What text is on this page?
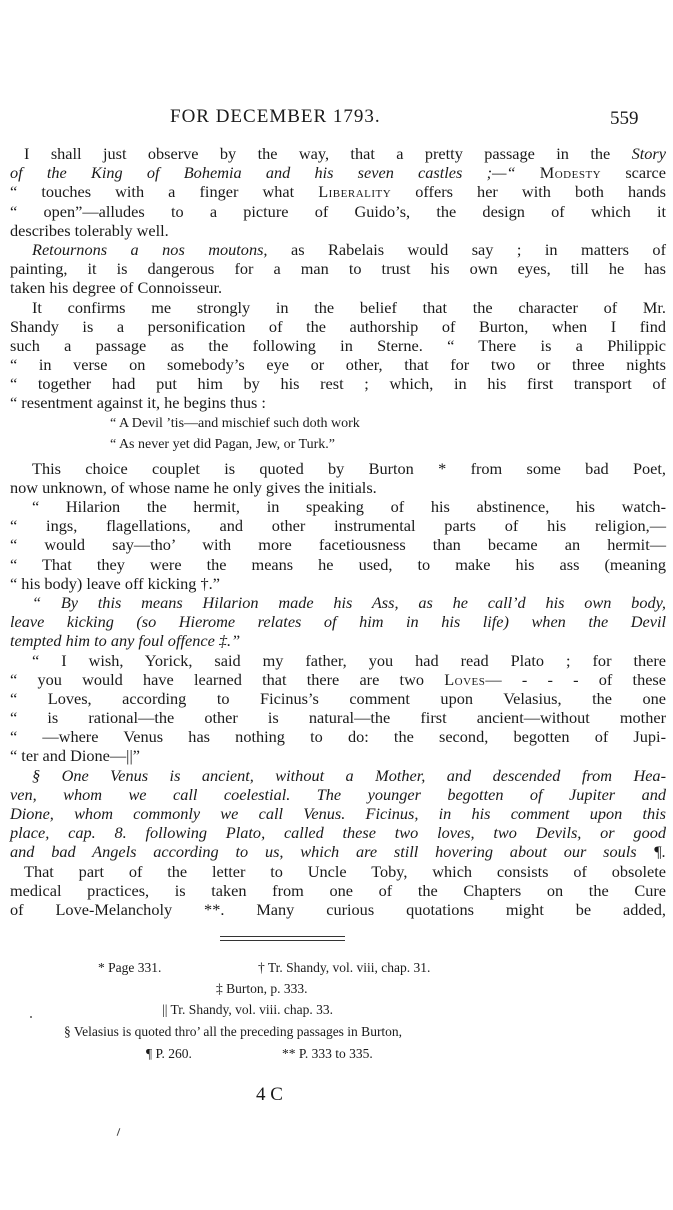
FOR DECEMBER 1793.	559
I shall just observe by the way, that a pretty passage in the Story
of the King of Bohemia and his seven castles ;—“ Modesty scarce
“ touches with a finger what Liberality offers her with both hands
“ open”—alludes to a picture of Guido’s, the design of which it
describes tolerably well.
Retournons a nos moutons, as Rabelais would say ; in matters of
painting, it is dangerous for a man to trust his own eyes, till he has
taken his degree of Connoisseur.
It confirms me strongly in the belief that the character of Mr.
Shandy is a personification of the authorship of Burton, when I find
such a passage as the following in Sterne. “ There is a Philippic
“ in verse on somebody’s eye or other, that for two or three nights
“ together had put him by his rest ; which, in his first transport of
“ resentment against it, he begins thus :
“ A Devil ’tis—and mischief such doth work
“ As never yet did Pagan, Jew, or Turk.”
This choice couplet is quoted by Burton * from some bad Poet,
now unknown, of whose name he only gives the initials.
“ Hilarion the hermit, in speaking of his abstinence, his watch-
“ ings, flagellations, and other instrumental parts of his religion,—
“ would say—tho’ with more facetiousness than became an hermit—
“ That they were the means he used, to make his ass (meaning
“ his body) leave off kicking †.”
“ By this means Hilarion made his Ass, as he call’d his own body,
leave kicking (so Hierome relates of him in his life) when the Devil
tempted him to any foul offence ‡.”
“ I wish, Yorick, said my father, you had read Plato ; for there
“ you would have learned that there are two Loves— - - - of these
“ Loves, according to Ficinus’s comment upon Velasius, the one
“ is rational—the other is natural—the first ancient—without mother
“ —where Venus has nothing to do: the second, begotten of Jupi-
“ ter and Dione—||”
§ One Venus is ancient, without a Mother, and descended from Hea-
ven, whom we call coelestial. The younger begotten of Jupiter and
Dione, whom commonly we call Venus. Ficinus, in his comment upon this
place, cap. 8. following Plato, called these two loves, two Devils, or good
and bad Angels according to us, which are still hovering about our souls ¶.
That part of the letter to Uncle Toby, which consists of obsolete
medical practices, is taken from one of the Chapters on the Cure
of Love-Melancholy **. Many curious quotations might be added,
* Page 331.	† Tr. Shandy, vol. viii, chap. 31.
‡ Burton, p. 333.
|| Tr. Shandy, vol. viii. chap. 33.
§ Velasius is quoted thro’ all the preceding passages in Burton,
¶ P. 260.	** P. 333 to 335.
4 C
